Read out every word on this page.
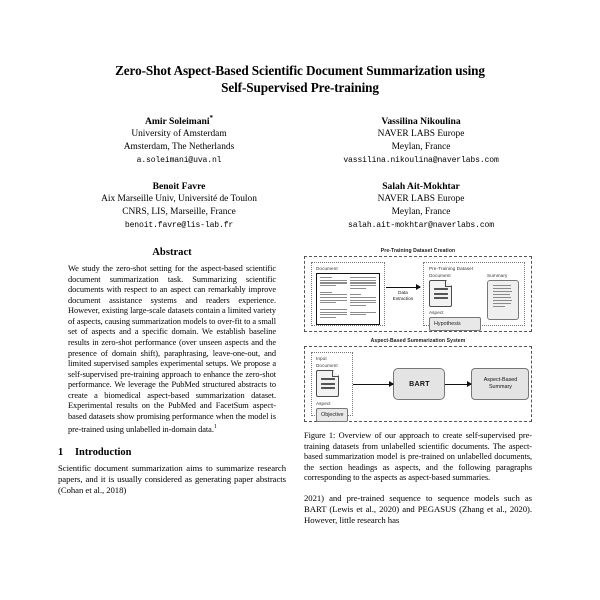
Zero-Shot Aspect-Based Scientific Document Summarization using
Self-Supervised Pre-training
Amir Soleimani*
University of Amsterdam
Amsterdam, The Netherlands
a.soleimani@uva.nl
Vassilina Nikoulina
NAVER LABS Europe
Meylan, France
vassilina.nikoulina@naverlabs.com
Benoit Favre
Aix Marseille Univ, Université de Toulon
CNRS, LIS, Marseille, France
benoit.favre@lis-lab.fr
Salah Ait-Mokhtar
NAVER LABS Europe
Meylan, France
salah.ait-mokhtar@naverlabs.com
Abstract

We study the zero-shot setting for the aspect-based scientific document summarization task. Summarizing scientific documents with respect to an aspect can remarkably improve document assistance systems and readers experience. However, existing large-scale datasets contain a limited variety of aspects, causing summarization models to over-fit to a small set of aspects and a specific domain. We establish baseline results in zero-shot performance (over unseen aspects and the presence of domain shift), paraphrasing, leave-one-out, and limited supervised samples experimental setups. We propose a self-supervised pre-training approach to enhance the zero-shot performance. We leverage the PubMed structured abstracts to create a biomedical aspect-based summarization dataset. Experimental results on the PubMed and FacetSum aspect-based datasets show promising performance when the model is pre-trained using unlabelled in-domain data.$^1$

1 Introduction

Scientific document summarization aims to summarize research papers, and it is usually considered as generating paper abstracts (Cohan et al., 2018)

Pre-Training Dataset Creation
Document
Data
Extraction
Pre-Training Dataset
Document
Aspect
Hypothesis
Summary
Aspect-Based Summarization System
Input
Document
Aspect
Objective
BART
Aspect-Based Summary
Figure 1: Overview of our approach to create self-supervised pre-training datasets from unlabelled scientific documents. The aspect-based summarization model is pre-trained on unlabelled documents, the section headings as aspects, and the following paragraphs corresponding to the aspects as aspect-based summaries.

2021) and pre-trained sequence to sequence models such as BART (Lewis et al., 2020) and PEGASUS (Zhang et al., 2020). However, little research has
